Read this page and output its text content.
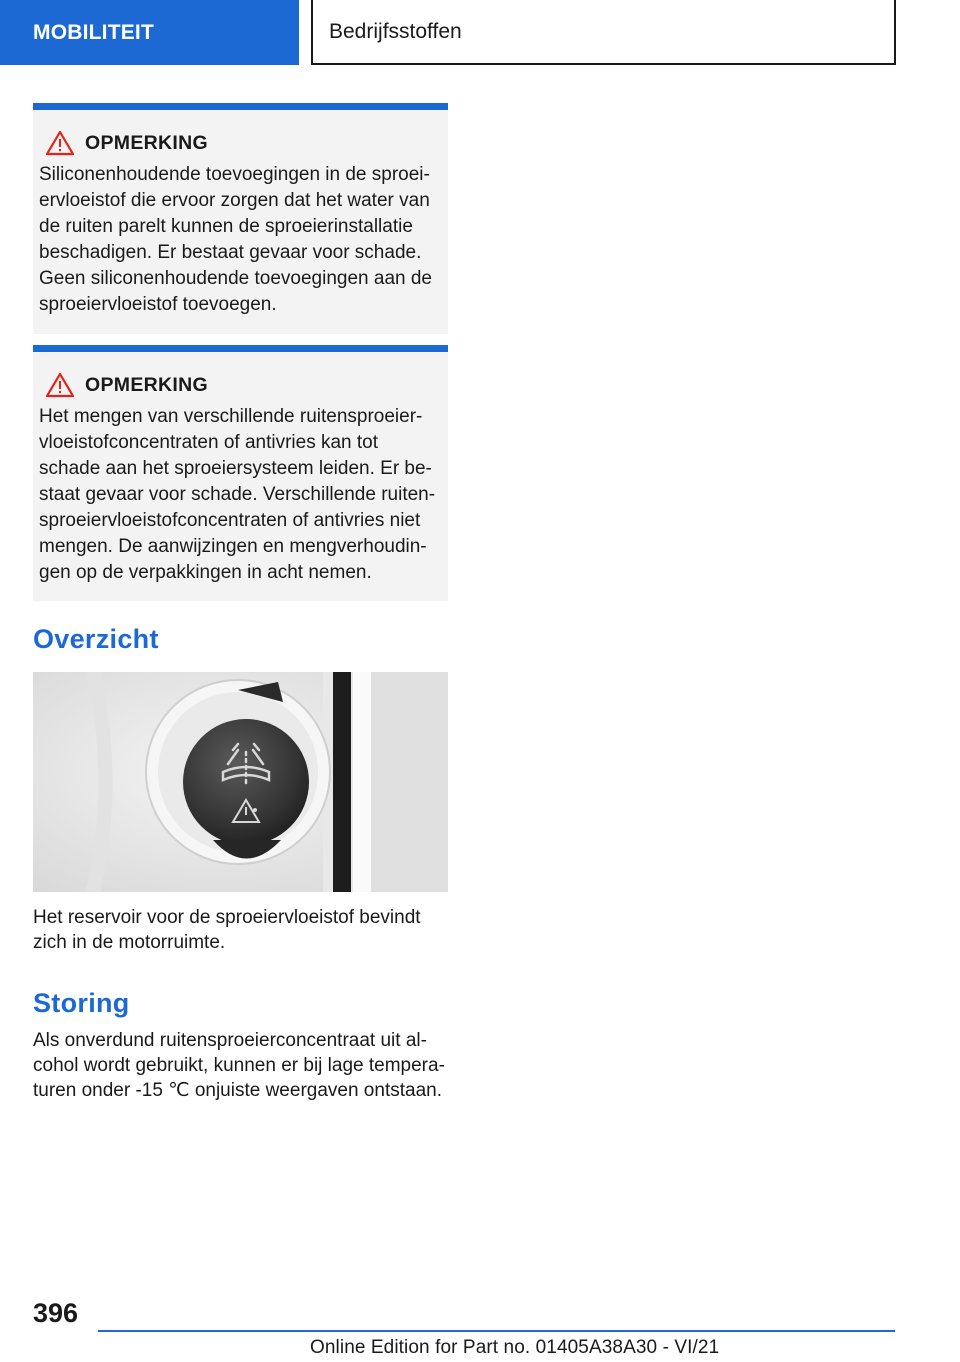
MOBILITEIT	Bedrijfsstoffen
OPMERKING
Siliconenhoudende toevoegingen in de sproei-
ervloeistof die ervoor zorgen dat het water van
de ruiten parelt kunnen de sproeierinstallatie
beschadigen. Er bestaat gevaar voor schade.
Geen siliconenhoudende toevoegingen aan de
sproeiervloeistof toevoegen.
OPMERKING
Het mengen van verschillende ruitensproeier-
vloeistofconcentraten of antivries kan tot
schade aan het sproeiersysteem leiden. Er be-
staat gevaar voor schade. Verschillende ruiten-
sproeiervloeistofconcentraten of antivries niet
mengen. De aanwijzingen en mengverhoudin-
gen op de verpakkingen in acht nemen.
Overzicht
Het reservoir voor de sproeiervloeistof bevindt
zich in de motorruimte.
Storing
Als onverdund ruitensproeierconcentraat uit al-
cohol wordt gebruikt, kunnen er bij lage tempera-
turen onder -15 ℃ onjuiste weergaven ontstaan.
396
Online Edition for Part no. 01405A38A30 - VI/21
